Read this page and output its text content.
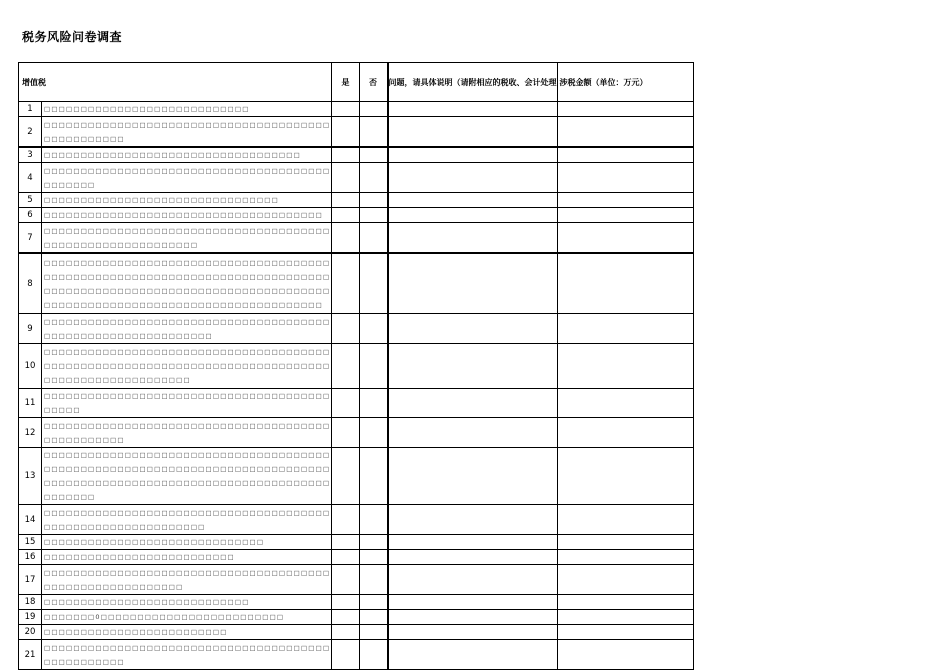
税务风险问卷调查
增值税		是	否	问题，请具体说明（请附相应的税收、会计处理	涉税金额（单位：万元）
1	□□□□□□□□□□□□□□□□□□□□□□□□□□□□				
2	□□□□□□□□□□□□□□□□□□□□□□□□□□□□□□□□□□□□□□□□□□□□□□□□□□				
3	□□□□□□□□□□□□□□□□□□□□□□□□□□□□□□□□□□□				
4	□□□□□□□□□□□□□□□□□□□□□□□□□□□□□□□□□□□□□□□□□□□□□□				
5	□□□□□□□□□□□□□□□□□□□□□□□□□□□□□□□□				
6	□□□□□□□□□□□□□□□□□□□□□□□□□□□□□□□□□□□□□□				
7	□□□□□□□□□□□□□□□□□□□□□□□□□□□□□□□□□□□□□□□□□□□□□□□□□□□□□□□□□□□□				
8	□□□□□□□□□□□□□□□□□□□□□□□□□□□□□□□□□□□□□□□□□□□□□□□□□□□□□□□□□□□□□□□□□□□□□□□□□□□□□□□□□□□□□□□□□□□□□□□□□□□□□□□□□□□□□□□□□□□□□□□□□□□□□□□□□□□□□□□□□□□□□□□□□□□□□□□□□□□				
9	□□□□□□□□□□□□□□□□□□□□□□□□□□□□□□□□□□□□□□□□□□□□□□□□□□□□□□□□□□□□□□				
10	□□□□□□□□□□□□□□□□□□□□□□□□□□□□□□□□□□□□□□□□□□□□□□□□□□□□□□□□□□□□□□□□□□□□□□□□□□□□□□□□□□□□□□□□□□□□□□□□□□				
11	□□□□□□□□□□□□□□□□□□□□□□□□□□□□□□□□□□□□□□□□□□□□				
12	□□□□□□□□□□□□□□□□□□□□□□□□□□□□□□□□□□□□□□□□□□□□□□□□□□				
13	□□□□□□□□□□□□□□□□□□□□□□□□□□□□□□□□□□□□□□□□□□□□□□□□□□□□□□□□□□□□□□□□□□□□□□□□□□□□□□□□□□□□□□□□□□□□□□□□□□□□□□□□□□□□□□□□□□□□□□□□□□□□				
14	□□□□□□□□□□□□□□□□□□□□□□□□□□□□□□□□□□□□□□□□□□□□□□□□□□□□□□□□□□□□□				
15	□□□□□□□□□□□□□□□□□□□□□□□□□□□□□□				
16	□□□□□□□□□□□□□□□□□□□□□□□□□□				
17	□□□□□□□□□□□□□□□□□□□□□□□□□□□□□□□□□□□□□□□□□□□□□□□□□□□□□□□□□□				
18	□□□□□□□□□□□□□□□□□□□□□□□□□□□□				
19	□□□□□□□0□□□□□□□□□□□□□□□□□□□□□□□□□				
20	□□□□□□□□□□□□□□□□□□□□□□□□□				
21	□□□□□□□□□□□□□□□□□□□□□□□□□□□□□□□□□□□□□□□□□□□□□□□□□□				
